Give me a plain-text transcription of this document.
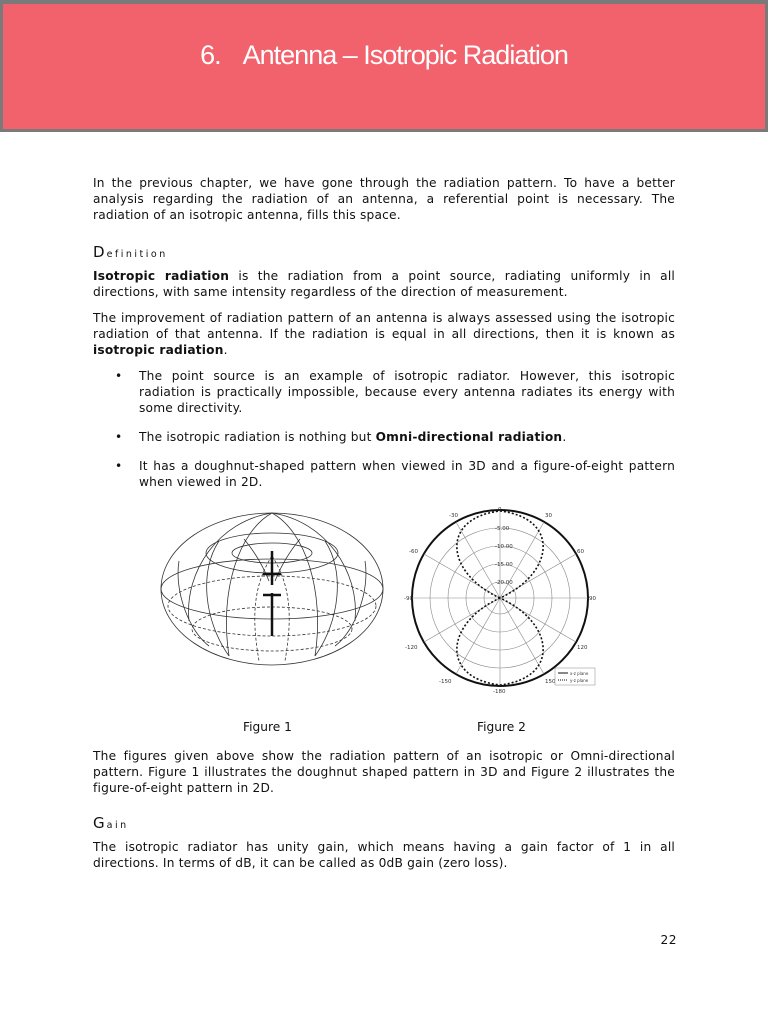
6. Antenna – Isotropic Radiation

In the previous chapter, we have gone through the radiation pattern. To have a better analysis regarding the radiation of an antenna, a referential point is necessary. The radiation of an isotropic antenna, fills this space.

Definition

Isotropic radiation is the radiation from a point source, radiating uniformly in all directions, with same intensity regardless of the direction of measurement.

The improvement of radiation pattern of an antenna is always assessed using the isotropic radiation of that antenna. If the radiation is equal in all directions, then it is known as isotropic radiation.

• The point source is an example of isotropic radiator. However, this isotropic radiation is practically impossible, because every antenna radiates its energy with some directivity.
• The isotropic radiation is nothing but Omni-directional radiation.
• It has a doughnut-shaped pattern when viewed in 3D and a figure-of-eight pattern when viewed in 2D.
0
30
-30
60
-60
90
-90
120
-120
150
-150
-180
-5.00
-10.00
-15.00
-20.00
x-z plane
y-z plane
Figure 1	Figure 2

The figures given above show the radiation pattern of an isotropic or Omni-directional pattern. Figure 1 illustrates the doughnut shaped pattern in 3D and Figure 2 illustrates the figure-of-eight pattern in 2D.

Gain

The isotropic radiator has unity gain, which means having a gain factor of 1 in all directions. In terms of dB, it can be called as 0dB gain (zero loss).

22
